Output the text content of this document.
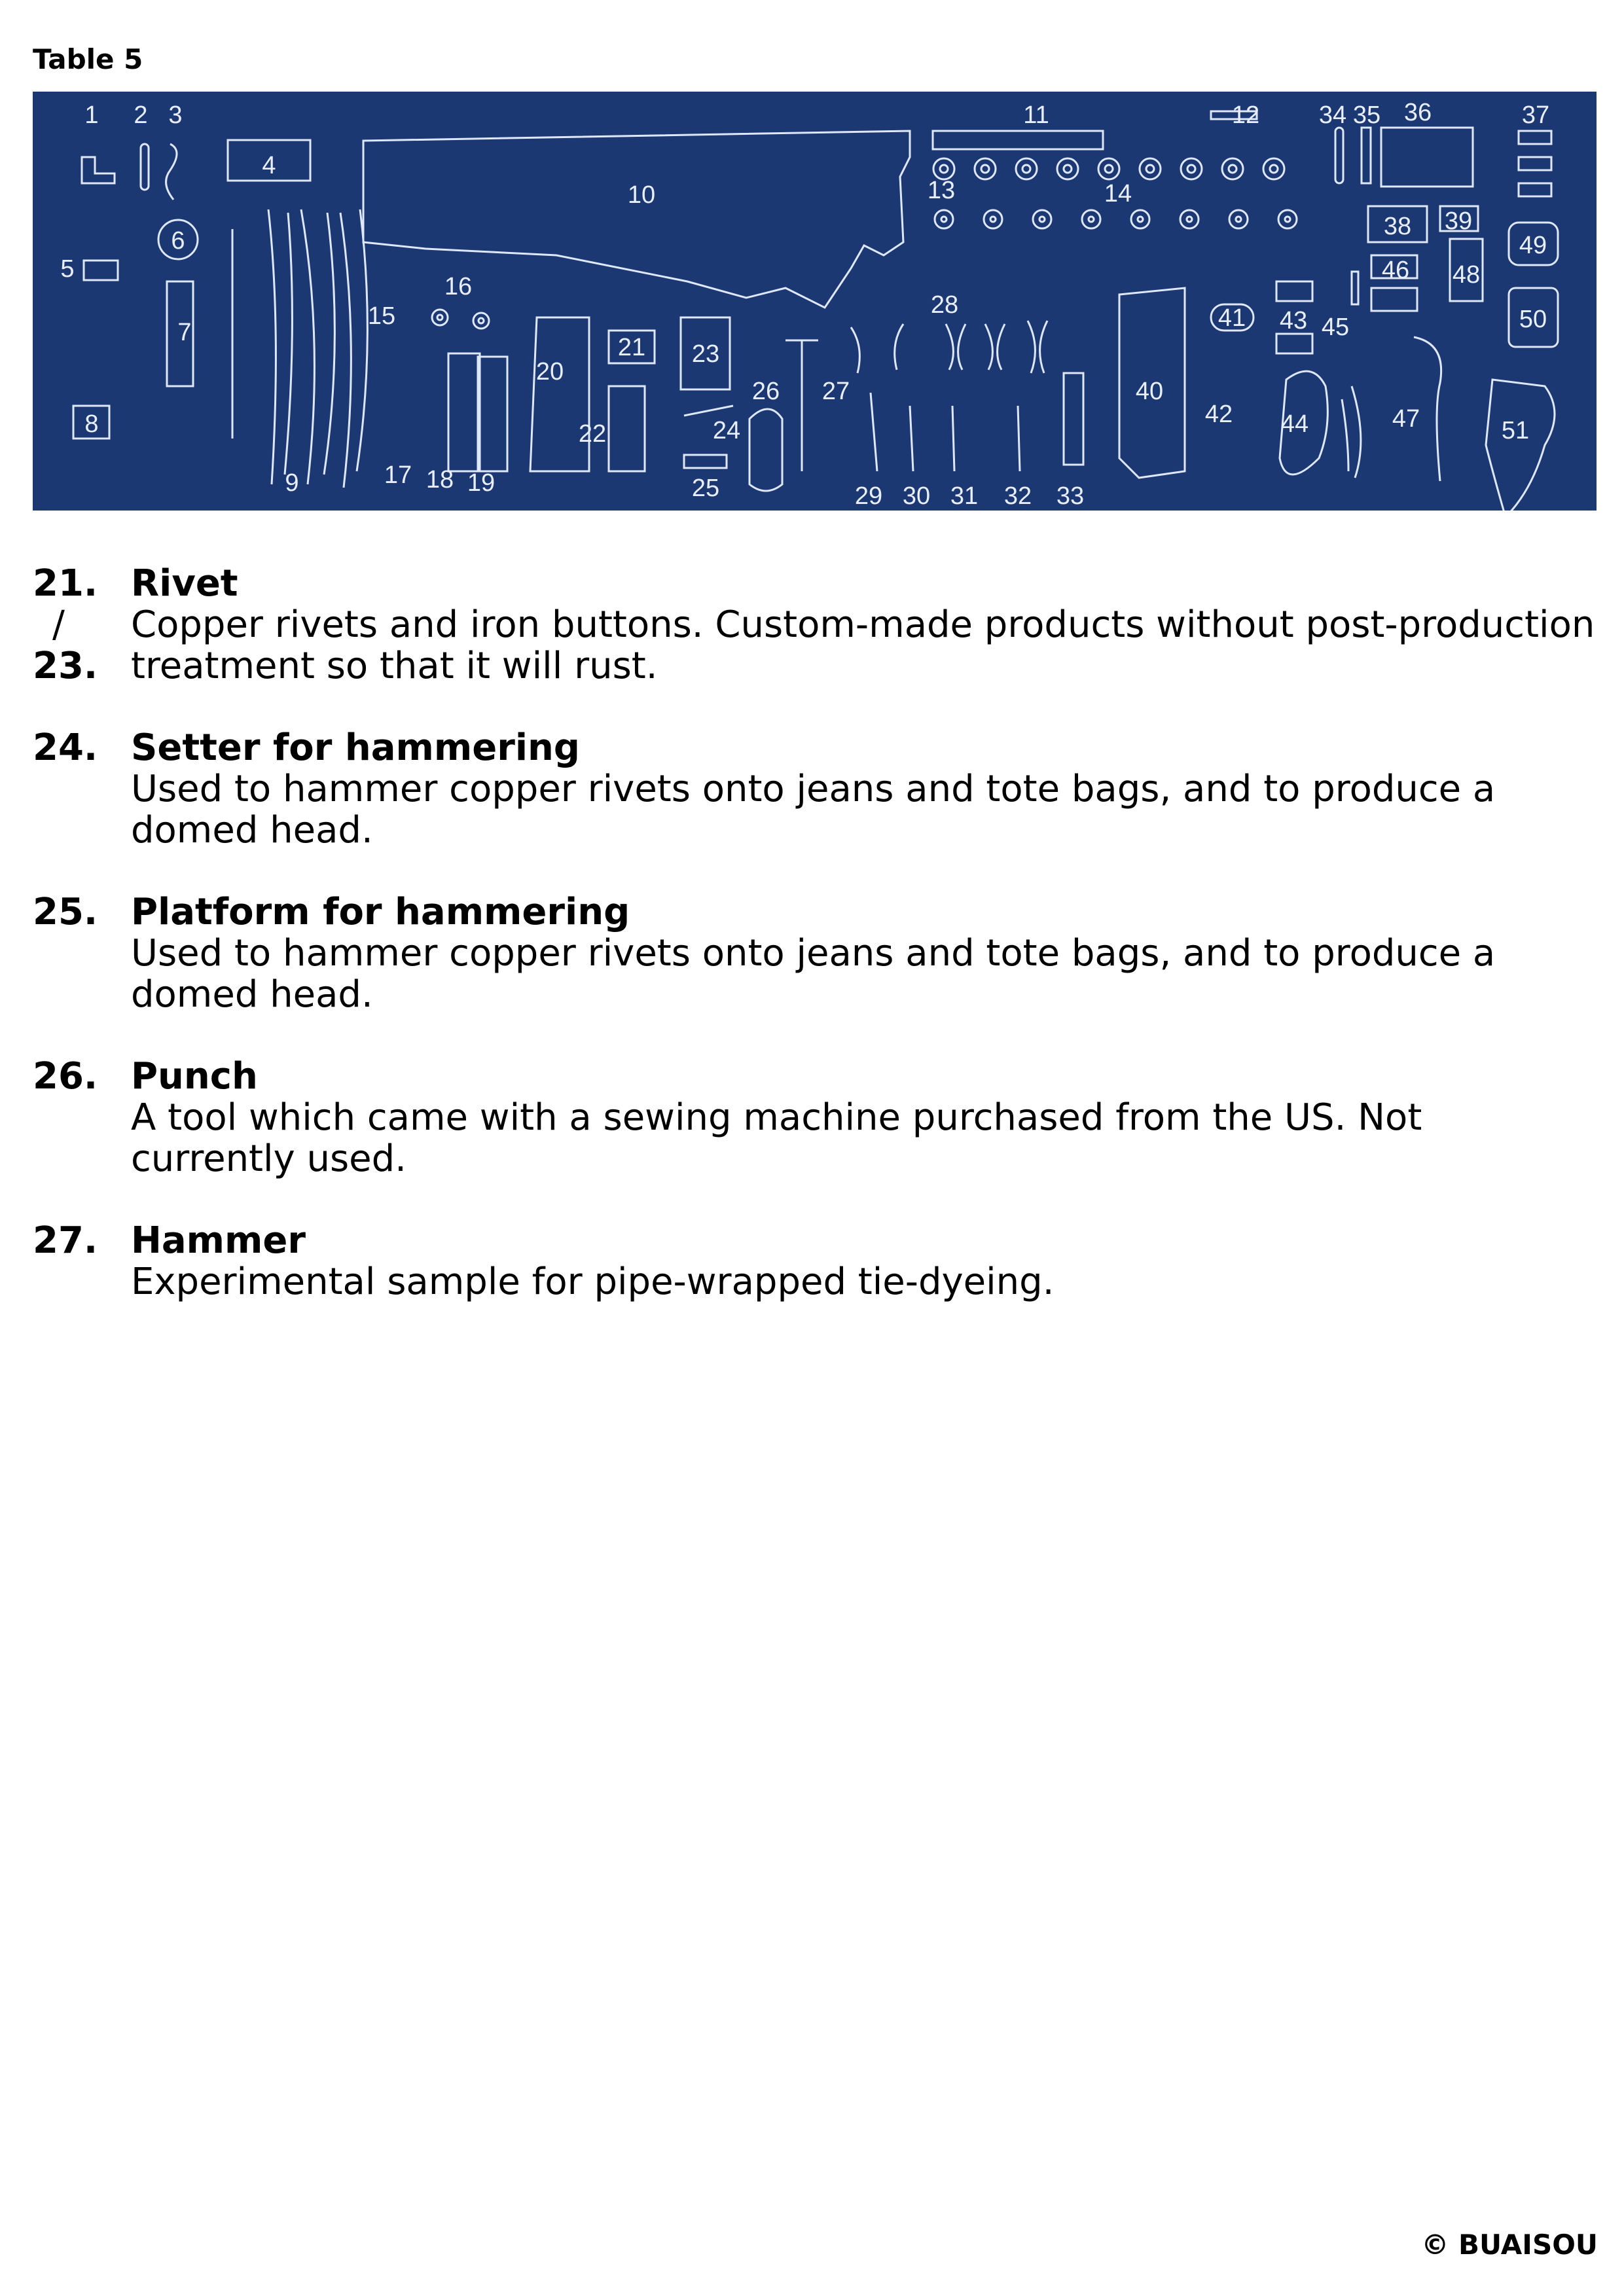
Table 5
1 2 3
4
5
6
7
8
9
10
11	12
13	14
15
16
17 18 19
20
21
22
23
24
25
26 27
28
29 30 31 32 33
34 35 36	37
38 39
40
41
42
43
44
45
46
47
48
49
50
51
21.
/
23.
Rivet
Copper rivets and iron buttons. Custom-made products without post-production treatment so that it will rust.
24. Setter for hammering
Used to hammer copper rivets onto jeans and tote bags, and to produce a domed head.
25. Platform for hammering
Used to hammer copper rivets onto jeans and tote bags, and to produce a domed head.
26. Punch
A tool which came with a sewing machine purchased from the US. Not currently used.
27. Hammer
Experimental sample for pipe-wrapped tie-dyeing.
© BUAISOU
